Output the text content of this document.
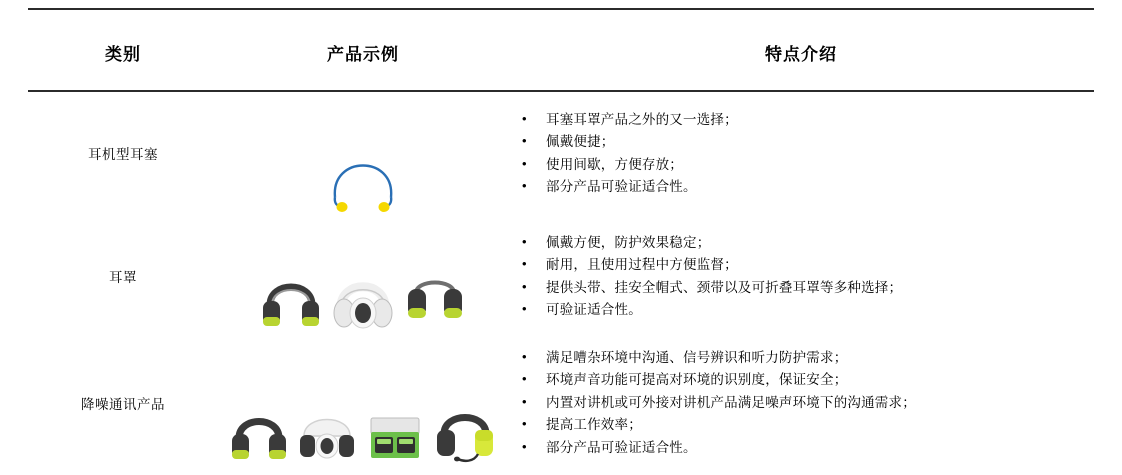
类别	产品示例	特点介绍
耳机型耳塞	

• 耳塞耳罩产品之外的又一选择；
• 佩戴便捷；
• 使用间歇，方便存放；
• 部分产品可验证适合性。

耳罩	

• 佩戴方便，防护效果稳定；
• 耐用，且使用过程中方便监督；
• 提供头带、挂安全帽式、颈带以及可折叠耳罩等多种选择；
• 可验证适合性。

降噪通讯产品	

• 满足嘈杂环境中沟通、信号辨识和听力防护需求；
• 环境声音功能可提高对环境的识别度，保证安全；
• 内置对讲机或可外接对讲机产品满足噪声环境下的沟通需求；
• 提高工作效率；
• 部分产品可验证适合性。
